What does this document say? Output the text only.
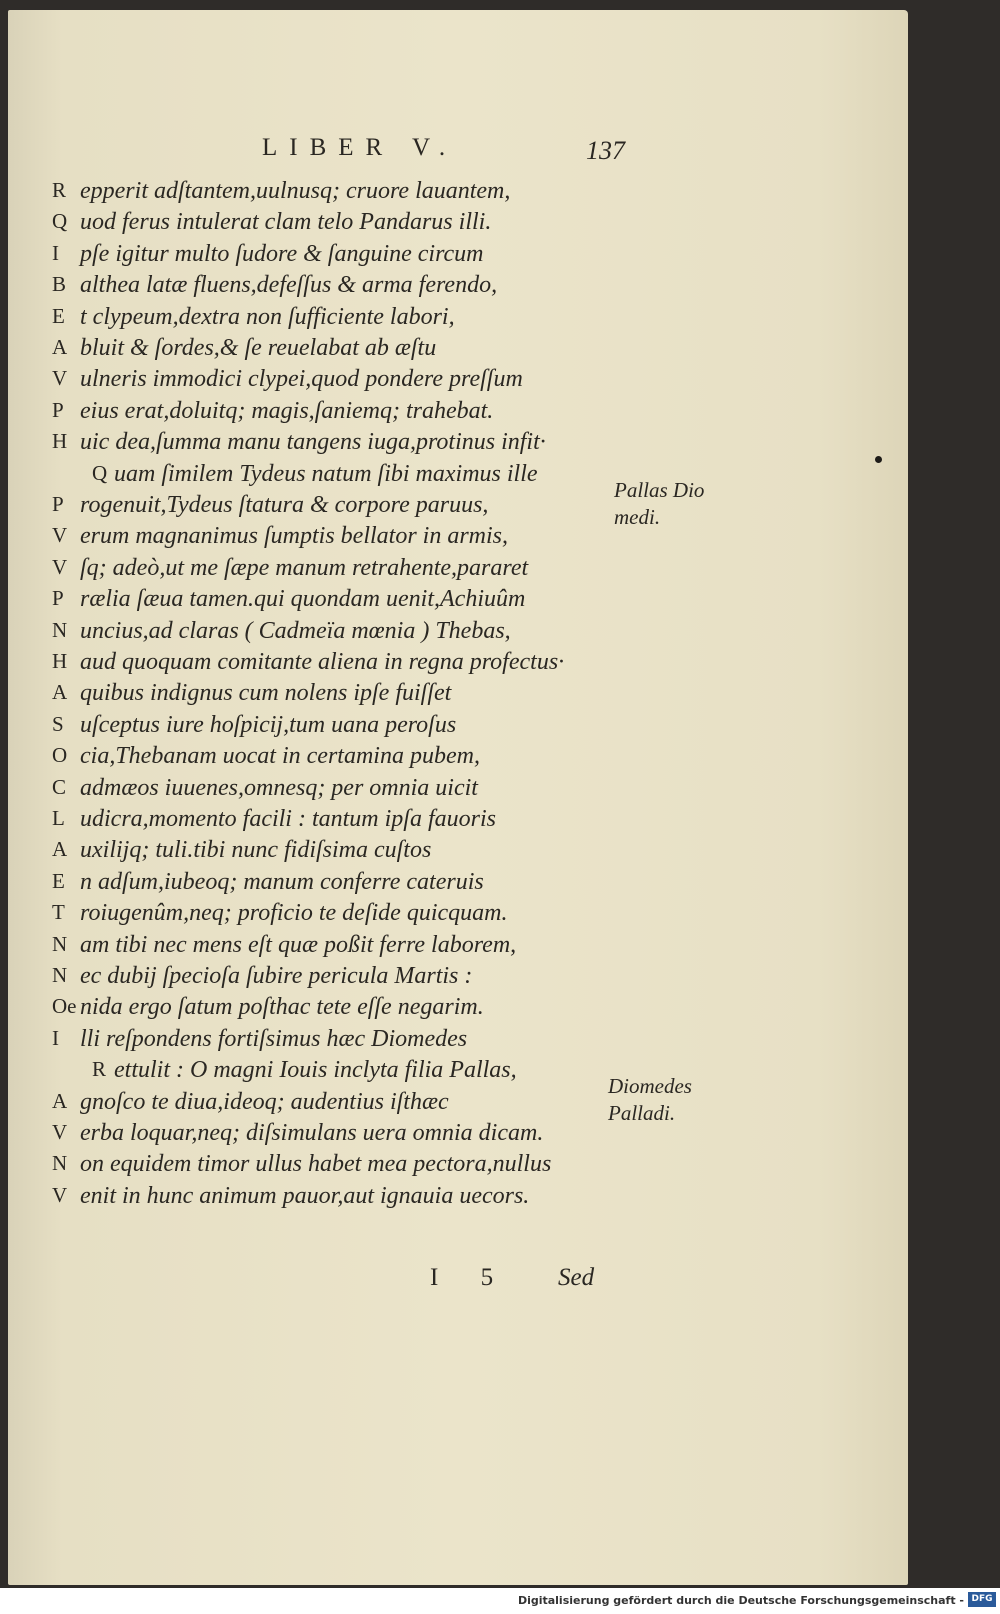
LIBER V.	137
R epperit adſtantem,uulnusq; cruore lauantem,
Q uod ferus intulerat clam telo Pandarus illi.
I pſe igitur multo ſudore & ſanguine circum
B althea latæ fluens,defeſſus & arma ferendo,
E t clypeum,dextra non ſufficiente labori,
A bluit & ſordes,& ſe reuelabat ab æſtu
V ulneris immodici clypei,quod pondere preſſum
P eius erat,doluitq; magis,ſaniemq; trahebat.
H uic dea,ſumma manu tangens iuga,protinus infit·
Q uam ſimilem Tydeus natum ſibi maximus ille
P rogenuit,Tydeus ſtatura & corpore paruus,
V erum magnanimus ſumptis bellator in armis,
V ſq; adeò,ut me ſæpe manum retrahente,pararet
P rælia ſæua tamen.qui quondam uenit,Achiuûm
N uncius,ad claras ( Cadmeïa mœnia ) Thebas,
H aud quoquam comitante aliena in regna profectus·
A quibus indignus cum nolens ipſe fuiſſet
S uſceptus iure hoſpicij,tum uana peroſus
O cia,Thebanam uocat in certamina pubem,
C admæos iuuenes,omnesq; per omnia uicit
L udicra,momento facili : tantum ipſa fauoris
A uxilijq; tuli.tibi nunc fidiſsima cuſtos
E n adſum,iubeoq; manum conferre cateruis
T roiugenûm,neq; proficio te deſide quicquam.
N am tibi nec mens eſt quæ poßit ferre laborem,
N ec dubij ſpecioſa ſubire pericula Martis :
Oe nida ergo ſatum poſthac tete eſſe negarim.
I lli reſpondens fortiſsimus hæc Diomedes
R ettulit : O magni Iouis inclyta filia Pallas,
A gnoſco te diua,ideoq; audentius iſthæc
V erba loquar,neq; diſsimulans uera omnia dicam.
N on equidem timor ullus habet mea pectora,nullus
V enit in hunc animum pauor,aut ignauia uecors.
Pallas Dio
medi.
Diomedes
Palladi.
I 5 Sed
Digitalisierung gefördert durch die Deutsche Forschungsgemeinschaft - DFG
